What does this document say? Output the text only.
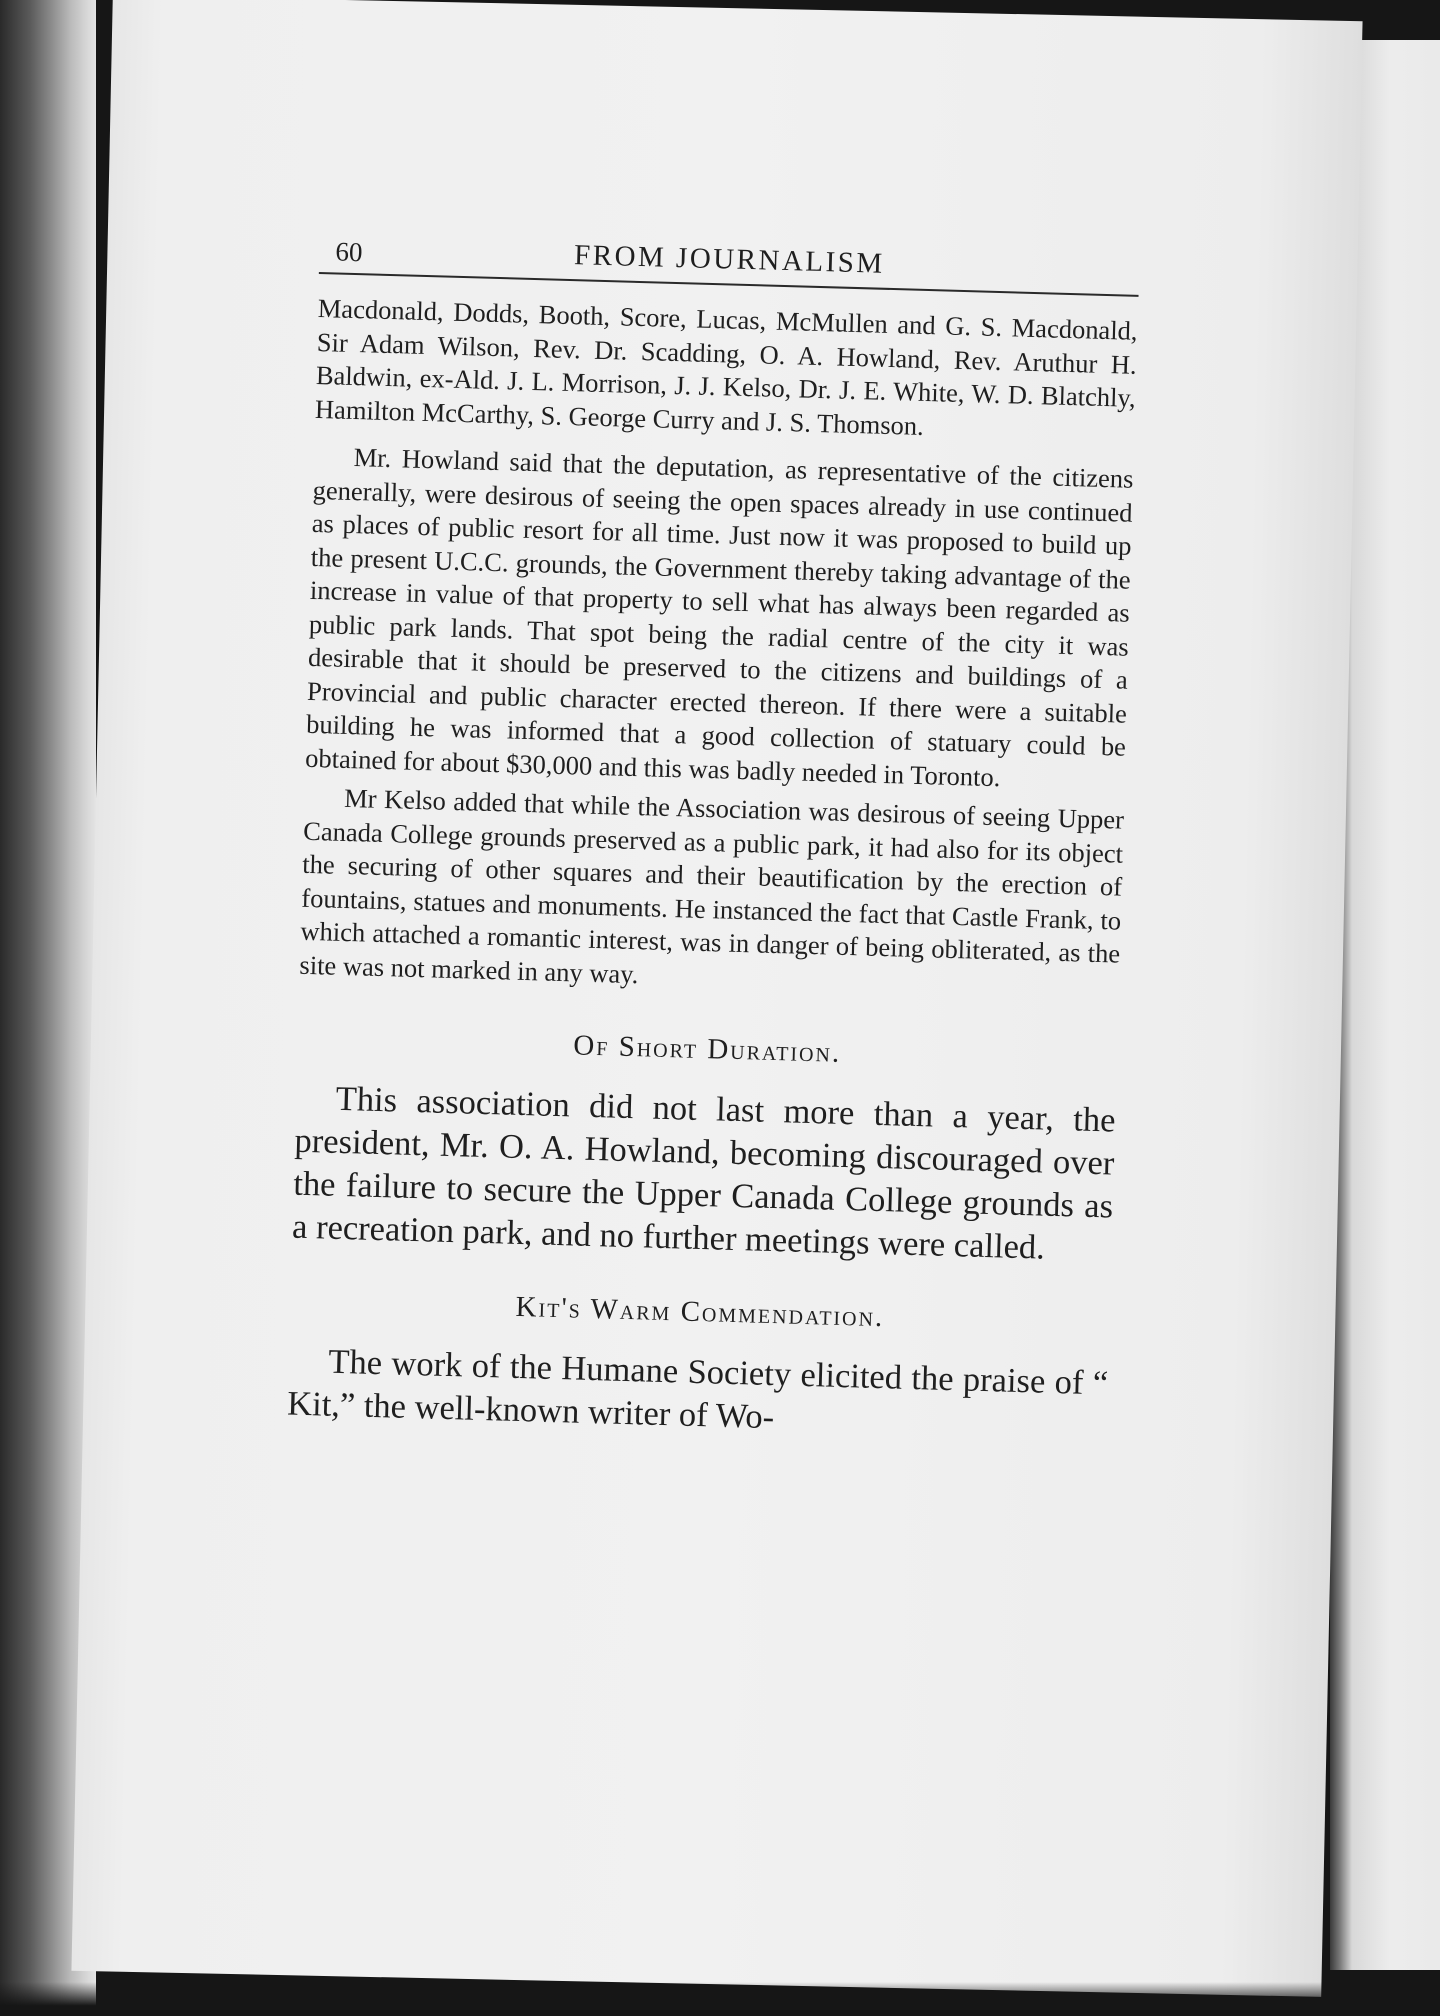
60	FROM JOURNALISM

Macdonald, Dodds, Booth, Score, Lucas, McMullen and G. S. Macdonald, Sir Adam Wilson, Rev. Dr. Scadding, O. A. Howland, Rev. Aruthur H. Baldwin, ex-Ald. J. L. Morrison, J. J. Kelso, Dr. J. E. White, W. D. Blatchly, Hamilton McCarthy, S. George Curry and J. S. Thomson.

Mr. Howland said that the deputation, as representative of the citizens generally, were desirous of seeing the open spaces already in use continued as places of public resort for all time. Just now it was proposed to build up the present U.C.C. grounds, the Government thereby taking advantage of the increase in value of that property to sell what has always been regarded as public park lands. That spot being the radial centre of the city it was desirable that it should be preserved to the citizens and buildings of a Provincial and public character erected thereon. If there were a suitable building he was informed that a good collection of statuary could be obtained for about $30,000 and this was badly needed in Toronto.

Mr Kelso added that while the Association was desirous of seeing Upper Canada College grounds preserved as a public park, it had also for its object the securing of other squares and their beautification by the erection of fountains, statues and monuments. He instanced the fact that Castle Frank, to which attached a romantic interest, was in danger of being obliterated, as the site was not marked in any way.

Of Short Duration.

This association did not last more than a year, the president, Mr. O. A. Howland, becoming discouraged over the failure to secure the Upper Canada College grounds as a recreation park, and no further meetings were called.

Kit's Warm Commendation.

The work of the Humane Society elicited the praise of “ Kit,” the well-known writer of Wo-
